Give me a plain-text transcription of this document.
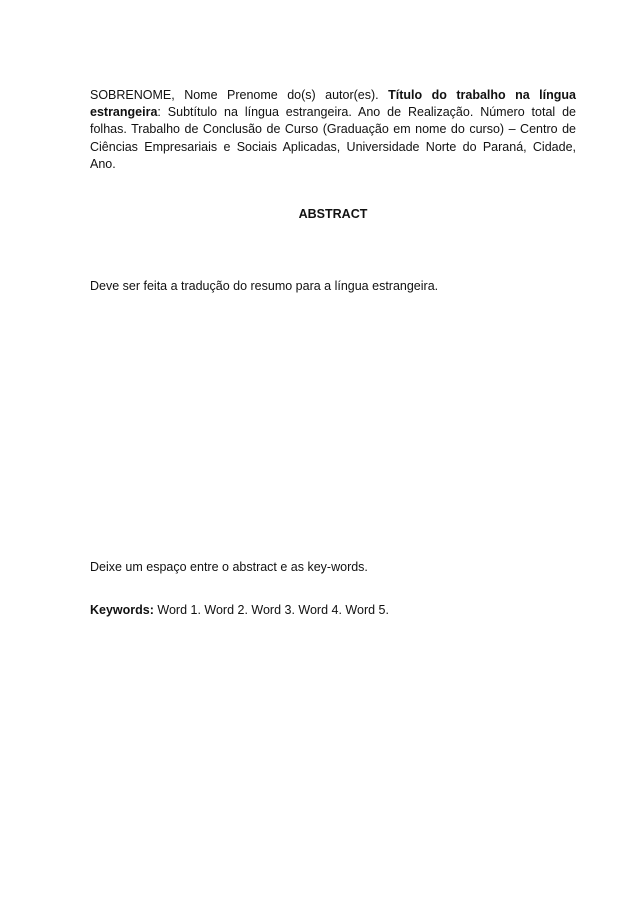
SOBRENOME, Nome Prenome do(s) autor(es). Título do trabalho na língua estrangeira: Subtítulo na língua estrangeira. Ano de Realização. Número total de folhas. Trabalho de Conclusão de Curso (Graduação em nome do curso) – Centro de Ciências Empresariais e Sociais Aplicadas, Universidade Norte do Paraná, Cidade, Ano.

ABSTRACT

Deve ser feita a tradução do resumo para a língua estrangeira.

Deixe um espaço entre o abstract e as key-words.

Keywords: Word 1. Word 2. Word 3. Word 4. Word 5.
